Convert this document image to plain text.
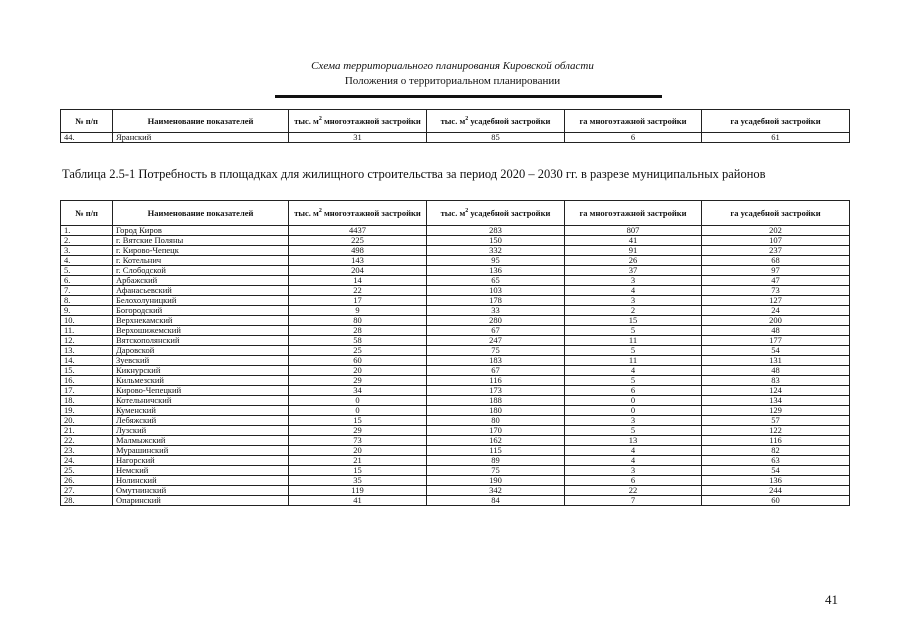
Схема территориального планирования Кировской области
Положения о территориальном планировании
№ п/п	Наименование показателей	тыс. $м^2$ многоэтажной застройки	тыс. $м^2$ усадебной застройки	га многоэтажной застройки	га усадебной застройки
44.	Яранский	31	85	6	61
Таблица 2.5-1 Потребность в площадках для жилищного строительства за период 2020 – 2030 гг. в разрезе муниципальных районов
№ п/п	Наименование показателей	тыс. $м^2$ многоэтажной застройки	тыс. $м^2$ усадебной застройки	га многоэтажной застройки	га усадебной застройки
1.	Город Киров	4437	283	807	202
2.	г. Вятские Поляны	225	150	41	107
3.	г. Кирово-Чепецк	498	332	91	237
4.	г. Котельнич	143	95	26	68
5.	г. Слободской	204	136	37	97
6.	Арбажский	14	65	3	47
7.	Афанасьевский	22	103	4	73
8.	Белохолуницкий	17	178	3	127
9.	Богородский	9	33	2	24
10.	Верхнекамский	80	280	15	200
11.	Верхошижемский	28	67	5	48
12.	Вятскополянский	58	247	11	177
13.	Даровской	25	75	5	54
14.	Зуевский	60	183	11	131
15.	Кикнурский	20	67	4	48
16.	Кильмезский	29	116	5	83
17.	Кирово-Чепецкий	34	173	6	124
18.	Котельничский	0	188	0	134
19.	Куменский	0	180	0	129
20.	Лебяжский	15	80	3	57
21.	Лузский	29	170	5	122
22.	Малмыжский	73	162	13	116
23.	Мурашинский	20	115	4	82
24.	Нагорский	21	89	4	63
25.	Немский	15	75	3	54
26.	Нолинский	35	190	6	136
27.	Омутнинский	119	342	22	244
28.	Опаринский	41	84	7	60
41
